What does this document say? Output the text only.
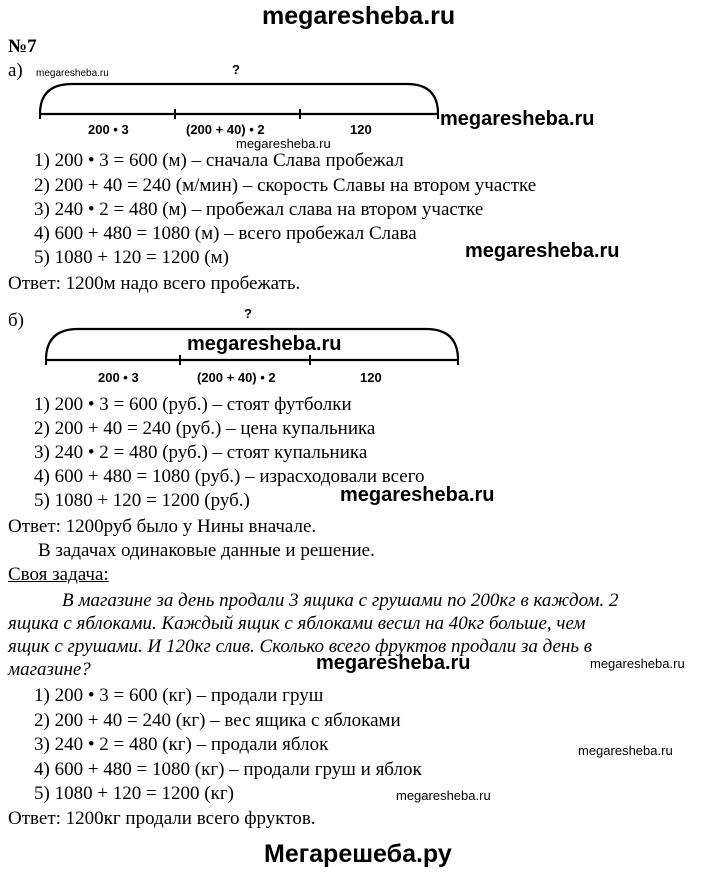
megaresheba.ru
№7
а) megaresheba.ru	?
200 • 3	(200 + 40) • 2	120	megaresheba.ru
megaresheba.ru
1) 200 • 3 = 600 (м) – сначала Слава пробежал
2) 200 + 40 = 240 (м/мин) – скорость Славы на втором участке
3) 240 • 2 = 480 (м) – пробежал слава на втором участке
4) 600 + 480 = 1080 (м) – всего пробежал Слава
megaresheba.ru
5) 1080 + 120 = 1200 (м)
Ответ: 1200м надо всего пробежать.
б)	?
megaresheba.ru
200 • 3	(200 + 40) • 2	120
1) 200 • 3 = 600 (руб.) – стоят футболки
2) 200 + 40 = 240 (руб.) – цена купальника
3) 240 • 2 = 480 (руб.) – стоят купальника
4) 600 + 480 = 1080 (руб.) – израсходовали всего
5) 1080 + 120 = 1200 (руб.)	megaresheba.ru
Ответ: 1200руб было у Нины вначале.
В задачах одинаковые данные и решение.
Своя задача:
В магазине за день продали 3 ящика с грушами по 200кг в каждом. 2
ящика с яблоками. Каждый ящик с яблоками весил на 40кг больше, чем
ящик с грушами. И 120кг слив. Сколько всего фруктов продали за день в
магазине?	megaresheba.ru	megaresheba.ru
1) 200 • 3 = 600 (кг) – продали груш
2) 200 + 40 = 240 (кг) – вес ящика с яблоками
3) 240 • 2 = 480 (кг) – продали яблок	megaresheba.ru
4) 600 + 480 = 1080 (кг) – продали груш и яблок
5) 1080 + 120 = 1200 (кг)	megaresheba.ru
Ответ: 1200кг продали всего фруктов.
Мегарешеба.ру
